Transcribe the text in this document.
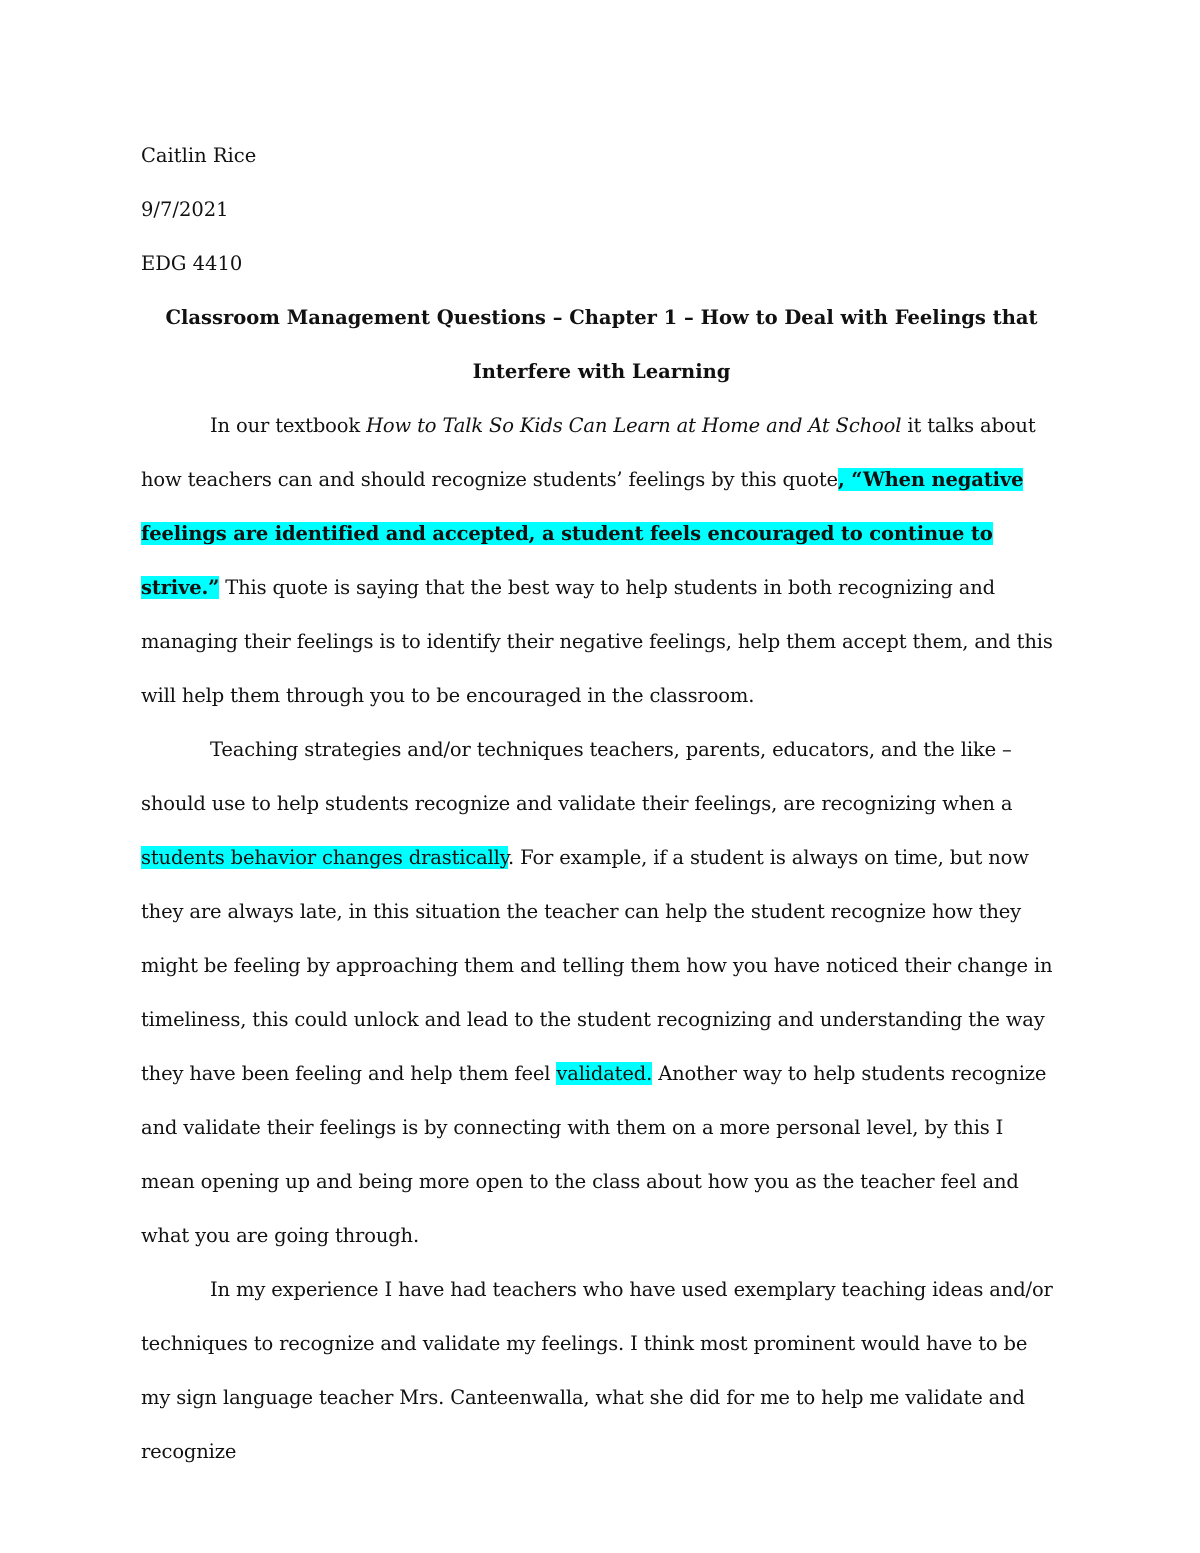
Caitlin Rice

9/7/2021

EDG 4410

Classroom Management Questions – Chapter 1 – How to Deal with Feelings that Interfere with Learning

In our textbook How to Talk So Kids Can Learn at Home and At School it talks about how teachers can and should recognize students’ feelings by this quote, “When negative feelings are identified and accepted, a student feels encouraged to continue to strive.” This quote is saying that the best way to help students in both recognizing and managing their feelings is to identify their negative feelings, help them accept them, and this will help them through you to be encouraged in the classroom.

Teaching strategies and/or techniques teachers, parents, educators, and the like – should use to help students recognize and validate their feelings, are recognizing when a students behavior changes drastically. For example, if a student is always on time, but now they are always late, in this situation the teacher can help the student recognize how they might be feeling by approaching them and telling them how you have noticed their change in timeliness, this could unlock and lead to the student recognizing and understanding the way they have been feeling and help them feel validated. Another way to help students recognize and validate their feelings is by connecting with them on a more personal level, by this I mean opening up and being more open to the class about how you as the teacher feel and what you are going through.

In my experience I have had teachers who have used exemplary teaching ideas and/or techniques to recognize and validate my feelings. I think most prominent would have to be my sign language teacher Mrs. Canteenwalla, what she did for me to help me validate and recognize
